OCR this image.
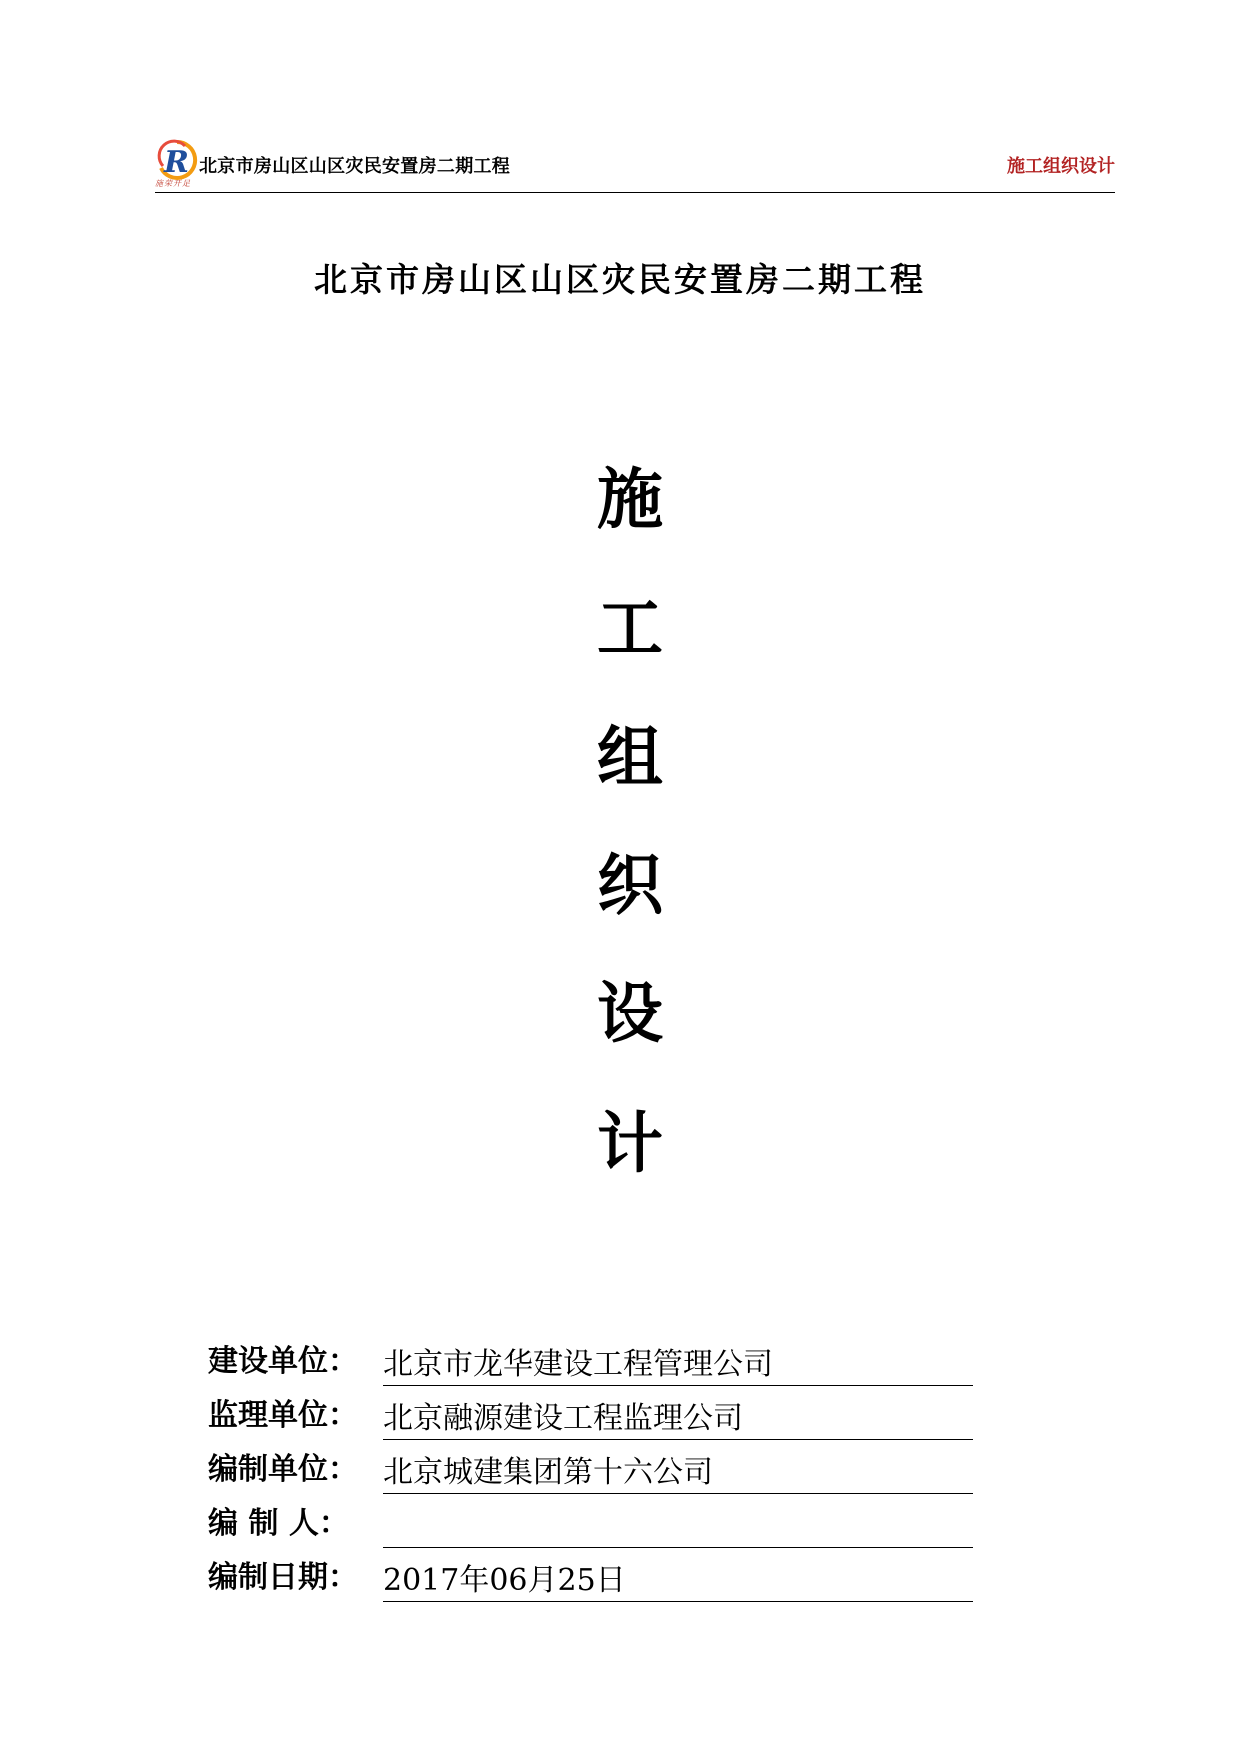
R
施荣开足
北京市房山区山区灾民安置房二期工程	施工组织设计
北京市房山区山区灾民安置房二期工程
施
工
组
织
设
计
建设单位： 北京市龙华建设工程管理公司
监理单位： 北京融源建设工程监理公司
编制单位： 北京城建集团第十六公司
编 制 人：
编制日期： 2017年06月25日
